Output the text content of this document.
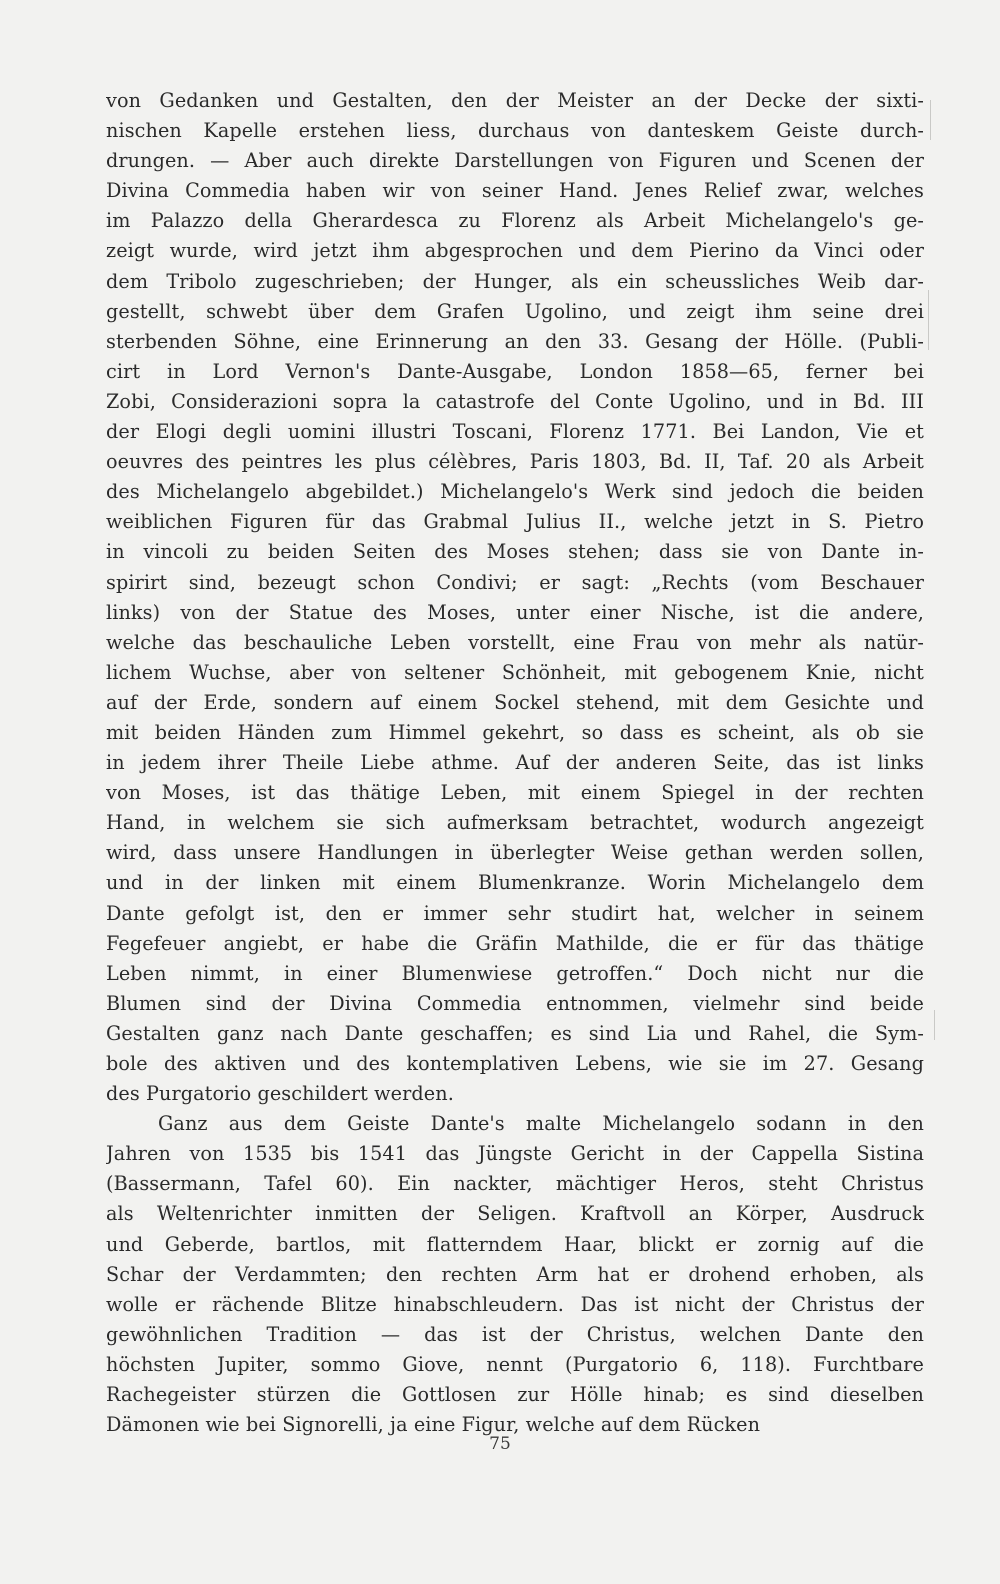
von Gedanken und Gestalten, den der Meister an der Decke der sixti-
nischen Kapelle erstehen liess, durchaus von danteskem Geiste durch-
drungen. — Aber auch direkte Darstellungen von Figuren und Scenen der
Divina Commedia haben wir von seiner Hand. Jenes Relief zwar, welches
im Palazzo della Gherardesca zu Florenz als Arbeit Michelangelo's ge-
zeigt wurde, wird jetzt ihm abgesprochen und dem Pierino da Vinci oder
dem Tribolo zugeschrieben; der Hunger, als ein scheussliches Weib dar-
gestellt, schwebt über dem Grafen Ugolino, und zeigt ihm seine drei
sterbenden Söhne, eine Erinnerung an den 33. Gesang der Hölle. (Publi-
cirt in Lord Vernon's Dante-Ausgabe, London 1858—65, ferner bei
Zobi, Considerazioni sopra la catastrofe del Conte Ugolino, und in Bd. III
der Elogi degli uomini illustri Toscani, Florenz 1771. Bei Landon, Vie et
oeuvres des peintres les plus célèbres, Paris 1803, Bd. II, Taf. 20 als Arbeit
des Michelangelo abgebildet.) Michelangelo's Werk sind jedoch die beiden
weiblichen Figuren für das Grabmal Julius II., welche jetzt in S. Pietro
in vincoli zu beiden Seiten des Moses stehen; dass sie von Dante in-
spirirt sind, bezeugt schon Condivi; er sagt: „Rechts (vom Beschauer
links) von der Statue des Moses, unter einer Nische, ist die andere,
welche das beschauliche Leben vorstellt, eine Frau von mehr als natür-
lichem Wuchse, aber von seltener Schönheit, mit gebogenem Knie, nicht
auf der Erde, sondern auf einem Sockel stehend, mit dem Gesichte und
mit beiden Händen zum Himmel gekehrt, so dass es scheint, als ob sie
in jedem ihrer Theile Liebe athme. Auf der anderen Seite, das ist links
von Moses, ist das thätige Leben, mit einem Spiegel in der rechten
Hand, in welchem sie sich aufmerksam betrachtet, wodurch angezeigt
wird, dass unsere Handlungen in überlegter Weise gethan werden sollen,
und in der linken mit einem Blumenkranze. Worin Michelangelo dem
Dante gefolgt ist, den er immer sehr studirt hat, welcher in seinem
Fegefeuer angiebt, er habe die Gräfin Mathilde, die er für das thätige
Leben nimmt, in einer Blumenwiese getroffen.“ Doch nicht nur die
Blumen sind der Divina Commedia entnommen, vielmehr sind beide
Gestalten ganz nach Dante geschaffen; es sind Lia und Rahel, die Sym-
bole des aktiven und des kontemplativen Lebens, wie sie im 27. Gesang
des Purgatorio geschildert werden.
Ganz aus dem Geiste Dante's malte Michelangelo sodann in den
Jahren von 1535 bis 1541 das Jüngste Gericht in der Cappella Sistina
(Bassermann, Tafel 60). Ein nackter, mächtiger Heros, steht Christus
als Weltenrichter inmitten der Seligen. Kraftvoll an Körper, Ausdruck
und Geberde, bartlos, mit flatterndem Haar, blickt er zornig auf die
Schar der Verdammten; den rechten Arm hat er drohend erhoben, als
wolle er rächende Blitze hinabschleudern. Das ist nicht der Christus der
gewöhnlichen Tradition — das ist der Christus, welchen Dante den
höchsten Jupiter, sommo Giove, nennt (Purgatorio 6, 118). Furchtbare
Rachegeister stürzen die Gottlosen zur Hölle hinab; es sind dieselben
Dämonen wie bei Signorelli, ja eine Figur, welche auf dem Rücken
75
